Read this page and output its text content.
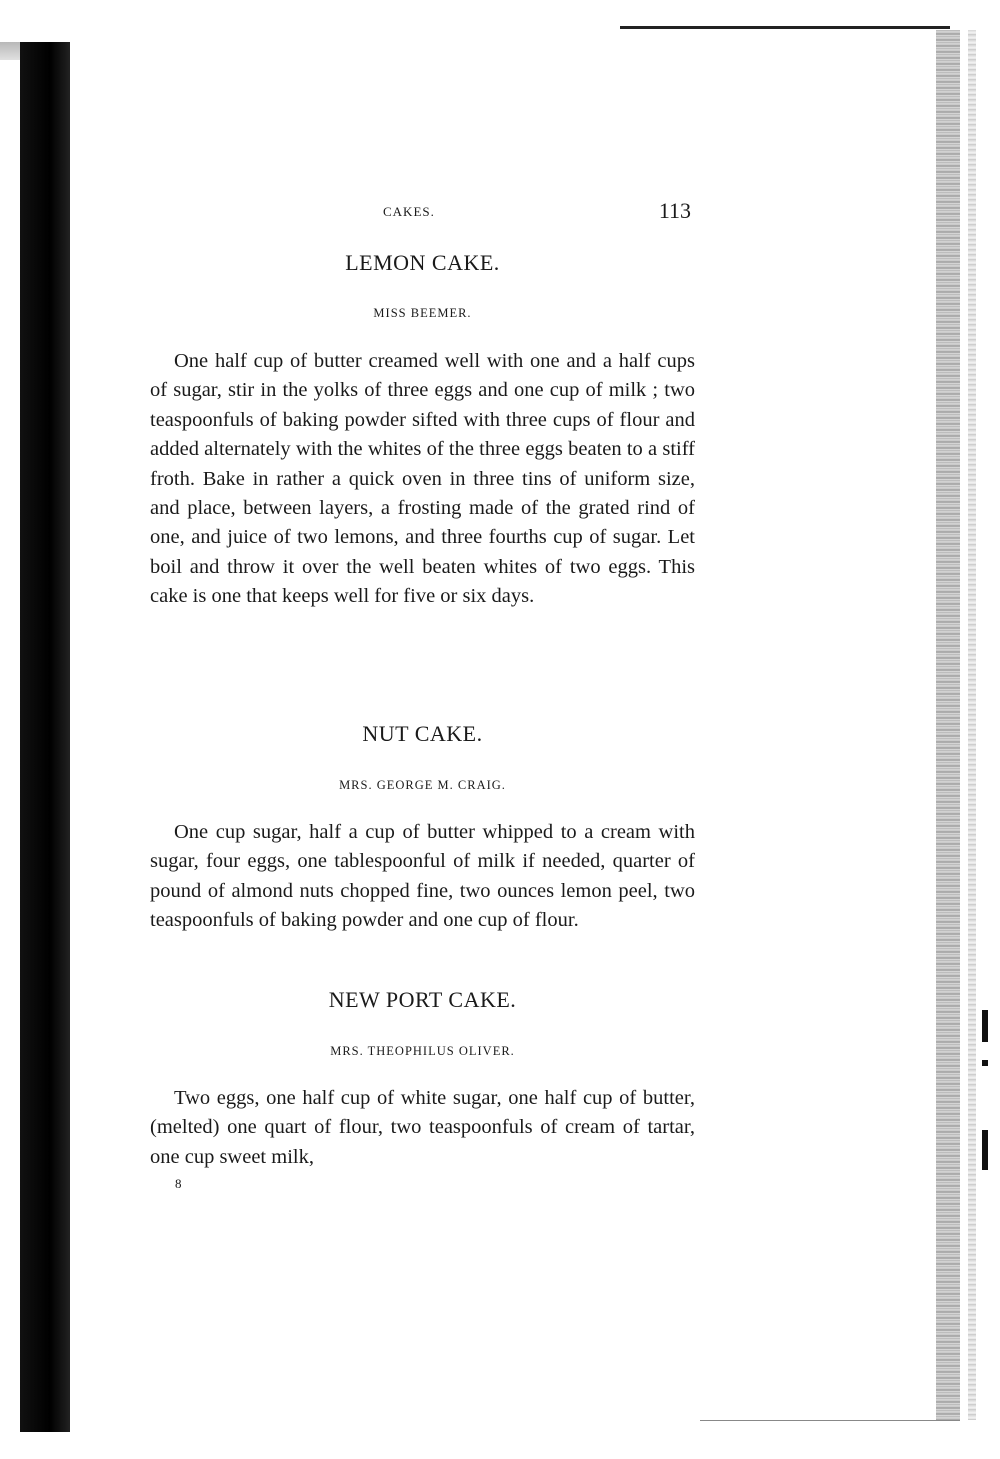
CAKES.	113
LEMON CAKE.
MISS BEEMER.

One half cup of butter creamed well with one and a half cups of sugar, stir in the yolks of three eggs and one cup of milk ; two teaspoonfuls of baking powder sifted with three cups of flour and added alternately with the whites of the three eggs beaten to a stiff froth. Bake in rather a quick oven in three tins of uniform size, and place, between layers, a frosting made of the grated rind of one, and juice of two lemons, and three fourths cup of sugar. Let boil and throw it over the well beaten whites of two eggs. This cake is one that keeps well for five or six days.

NUT CAKE.
MRS. GEORGE M. CRAIG.

One cup sugar, half a cup of butter whipped to a cream with sugar, four eggs, one tablespoonful of milk if needed, quarter of pound of almond nuts chopped fine, two ounces lemon peel, two teaspoonfuls of baking powder and one cup of flour.

NEW PORT CAKE.
MRS. THEOPHILUS OLIVER.

Two eggs, one half cup of white sugar, one half cup of butter, (melted) one quart of flour, two teaspoonfuls of cream of tartar, one cup sweet milk,

8
